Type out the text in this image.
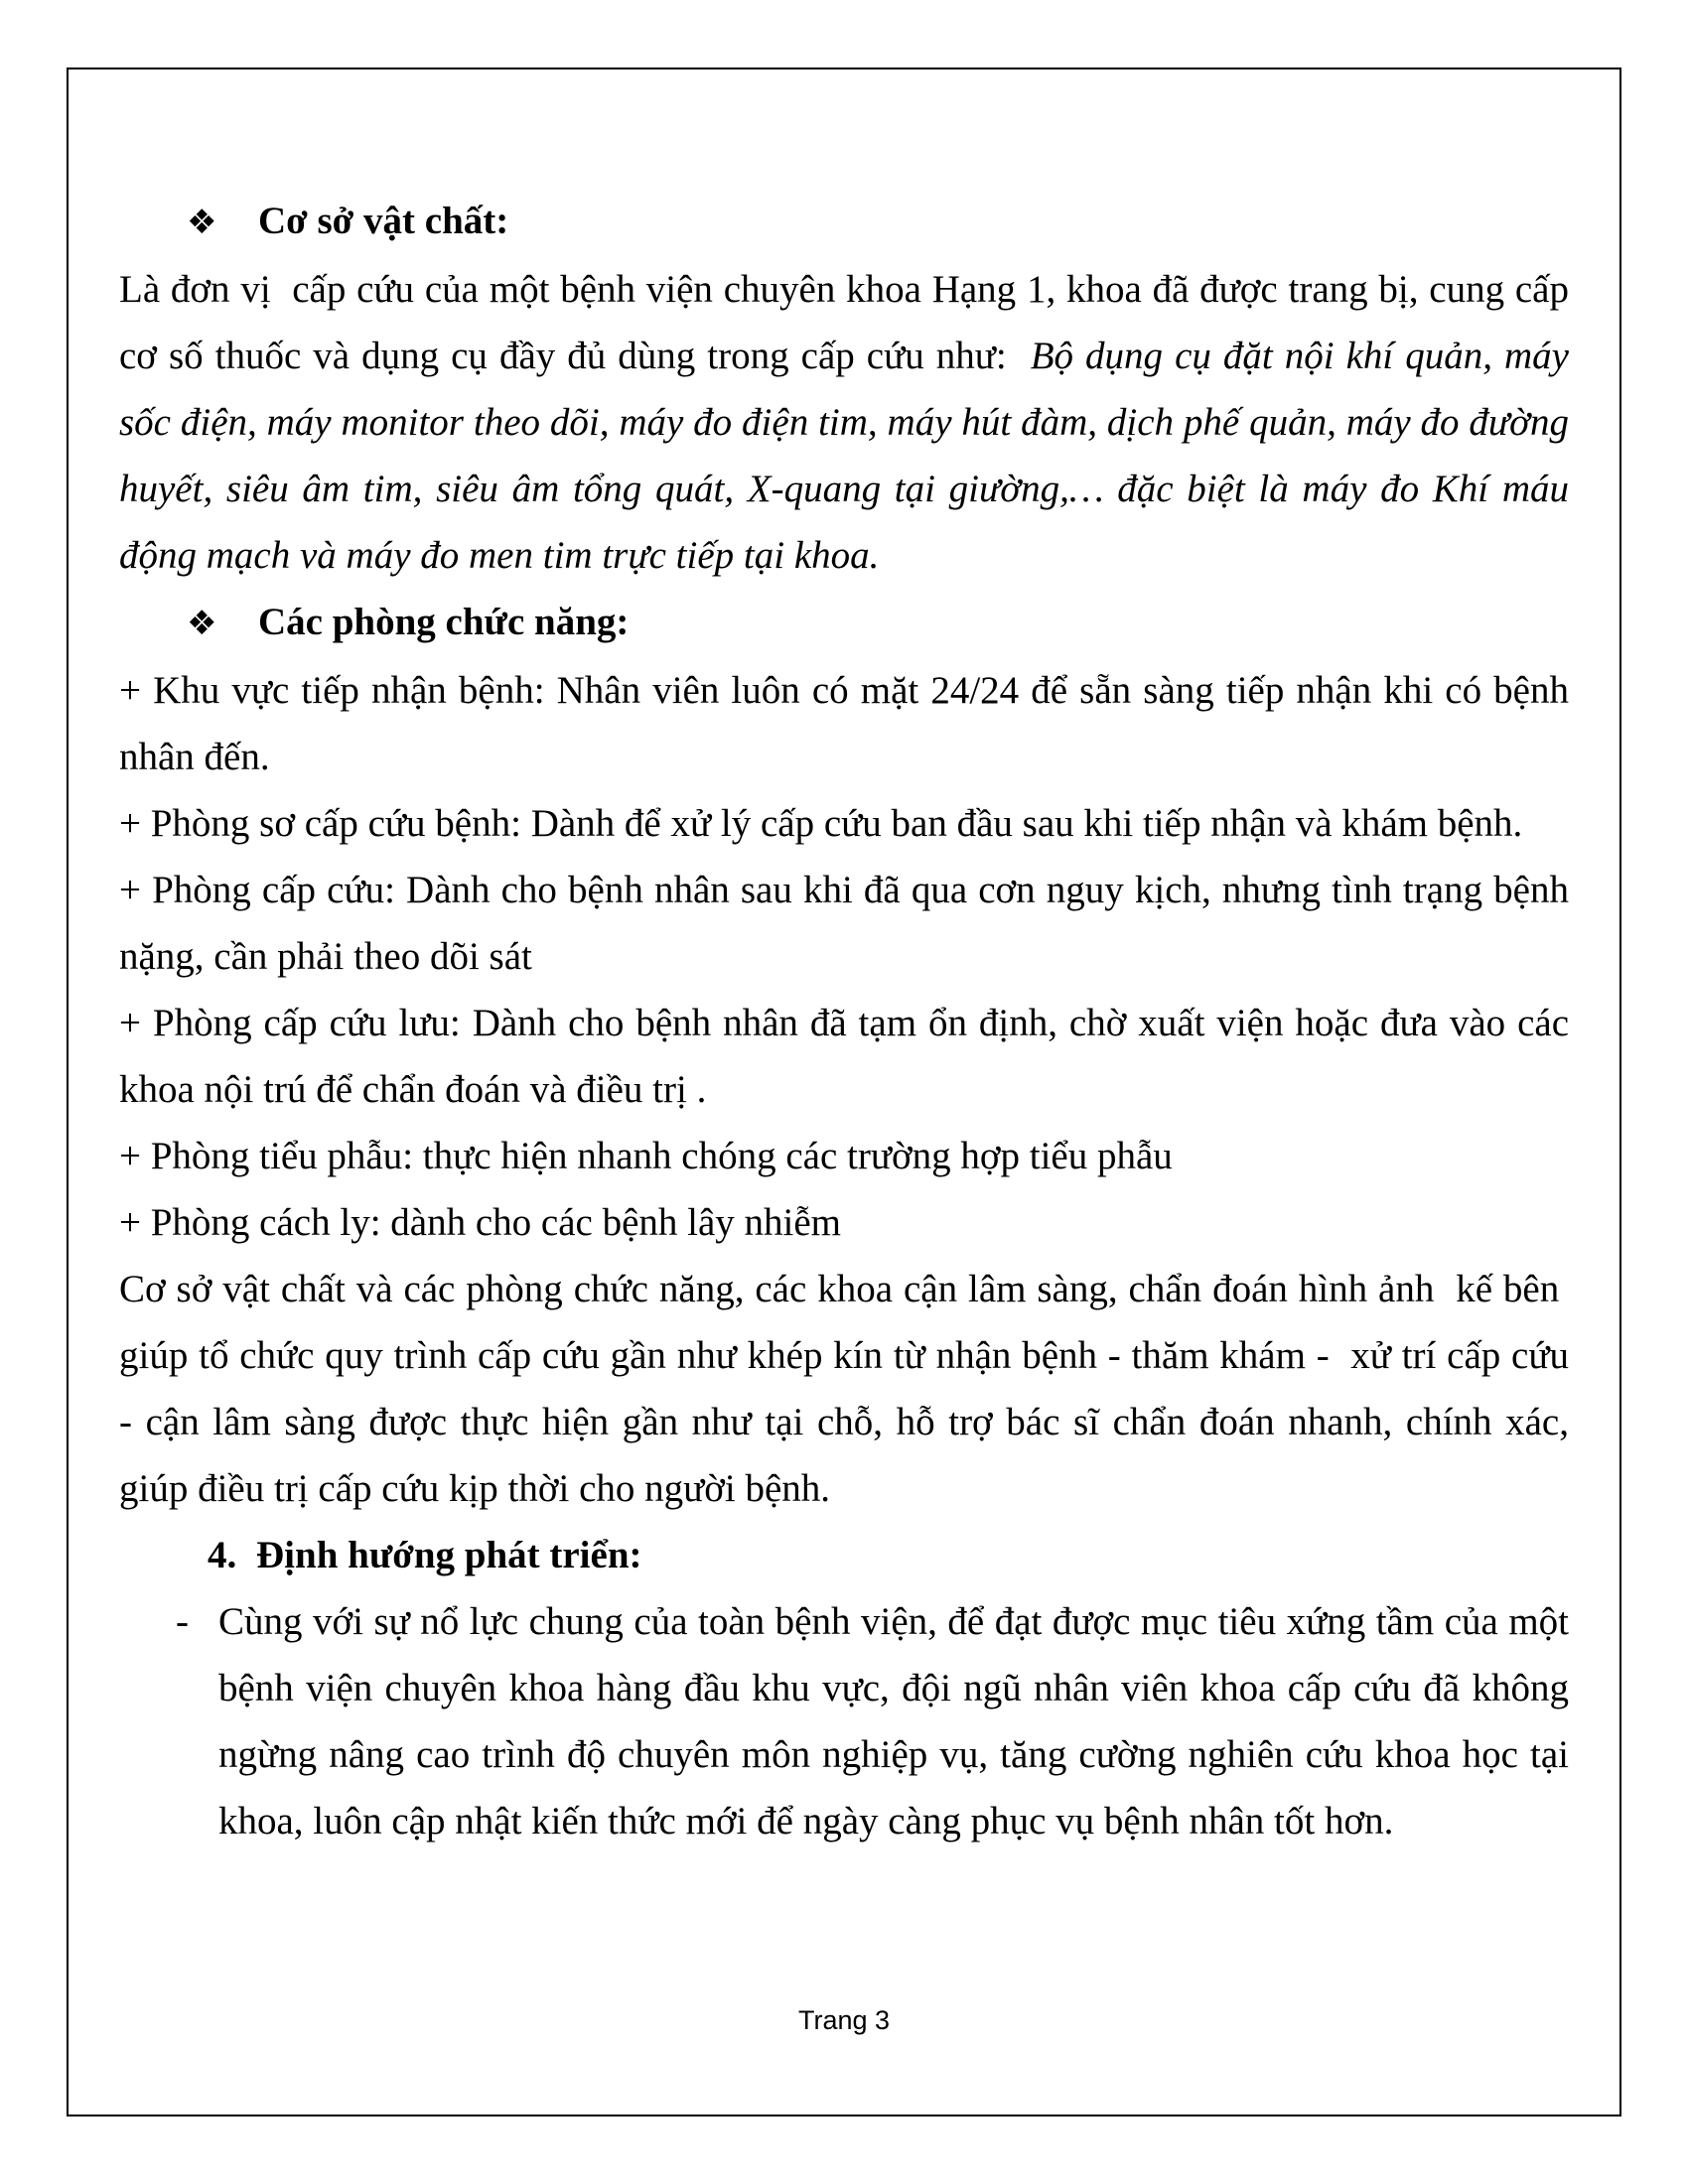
❖ Cơ sở vật chất:

Là đơn vị  cấp cứu của một bệnh viện chuyên khoa Hạng 1, khoa đã được trang bị, cung cấp cơ số thuốc và dụng cụ đầy đủ dùng trong cấp cứu như:  Bộ dụng cụ đặt nội khí quản, máy sốc điện, máy monitor theo dõi, máy đo điện tim, máy hút đàm, dịch phế quản, máy đo đường huyết, siêu âm tim, siêu âm tổng quát, X-quang tại giường,… đặc biệt là máy đo Khí máu động mạch và máy đo men tim trực tiếp tại khoa.

❖ Các phòng chức năng:

+ Khu vực tiếp nhận bệnh: Nhân viên luôn có mặt 24/24 để sẵn sàng tiếp nhận khi có bệnh nhân đến.

+ Phòng sơ cấp cứu bệnh: Dành để xử lý cấp cứu ban đầu sau khi tiếp nhận và khám bệnh.

+ Phòng cấp cứu: Dành cho bệnh nhân sau khi đã qua cơn nguy kịch, nhưng tình trạng bệnh nặng, cần phải theo dõi sát

+ Phòng cấp cứu lưu: Dành cho bệnh nhân đã tạm ổn định, chờ xuất viện hoặc đưa vào các khoa nội trú để chẩn đoán và điều trị .

+ Phòng tiểu phẫu: thực hiện nhanh chóng các trường hợp tiểu phẫu

+ Phòng cách ly: dành cho các bệnh lây nhiễm

Cơ sở vật chất và các phòng chức năng, các khoa cận lâm sàng, chẩn đoán hình ảnh  kế bên  giúp tổ chức quy trình cấp cứu gần như khép kín từ nhận bệnh - thăm khám -  xử trí cấp cứu - cận lâm sàng được thực hiện gần như tại chỗ, hỗ trợ bác sĩ chẩn đoán nhanh, chính xác, giúp điều trị cấp cứu kịp thời cho người bệnh.

4. Định hướng phát triển:

- Cùng với sự nổ lực chung của toàn bệnh viện, để đạt được mục tiêu xứng tầm của một bệnh viện chuyên khoa hàng đầu khu vực, đội ngũ nhân viên khoa cấp cứu đã không ngừng nâng cao trình độ chuyên môn nghiệp vụ, tăng cường nghiên cứu khoa học tại khoa, luôn cập nhật kiến thức mới để ngày càng phục vụ bệnh nhân tốt hơn.

Trang 3
